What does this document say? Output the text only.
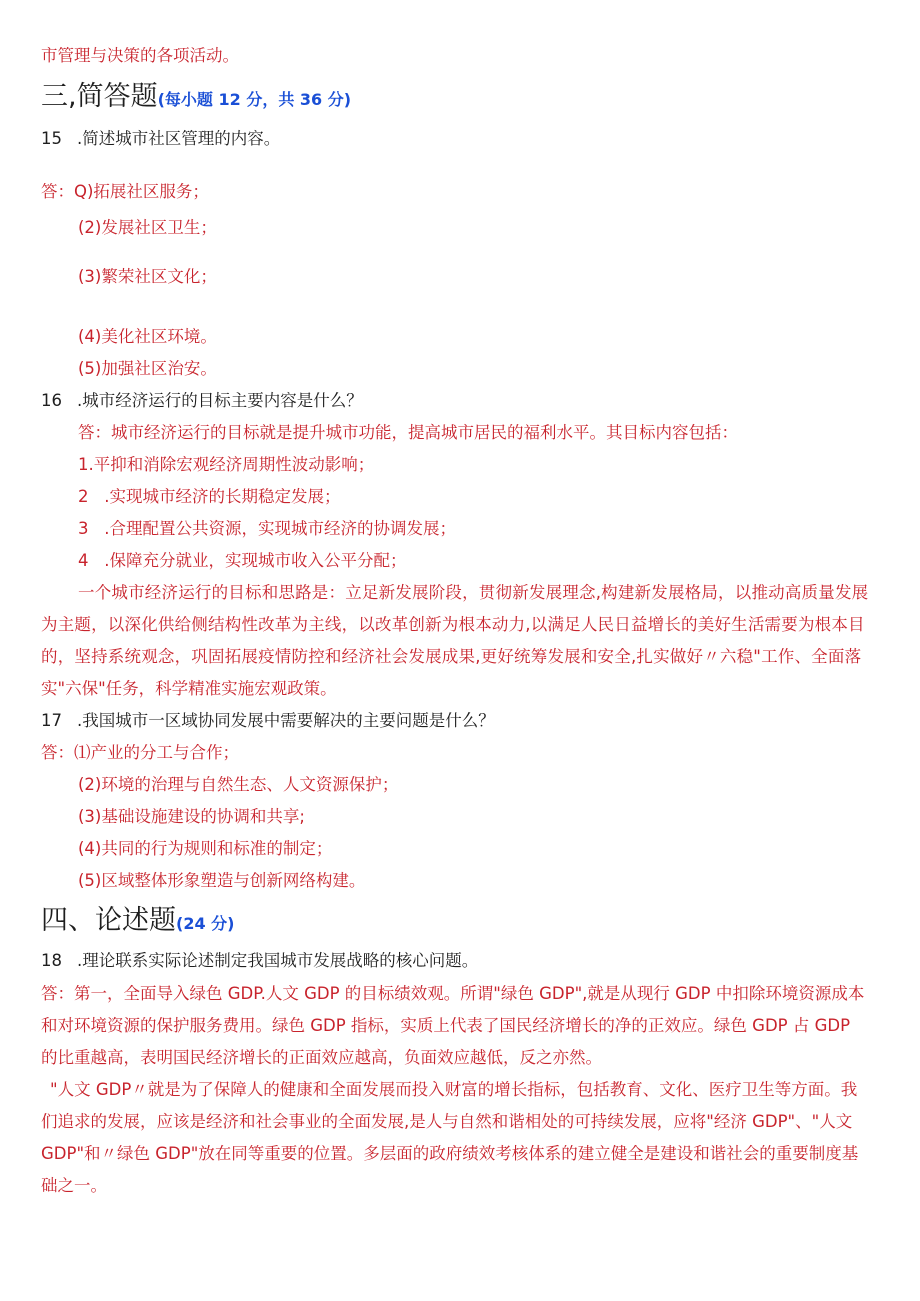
市管理与决策的各项活动。
三,简答题(每小题 12 分，共 36 分)
15 .简述城市社区管理的内容。
答：Q)拓展社区服务；
(2)发展社区卫生；
(3)繁荣社区文化；
(4)美化社区环境。
(5)加强社区治安。
16 .城市经济运行的目标主要内容是什么？
答：城市经济运行的目标就是提升城市功能，提高城市居民的福利水平。其目标内容包括：
1.平抑和消除宏观经济周期性波动影响；
2   .实现城市经济的长期稳定发展；
3   .合理配置公共资源，实现城市经济的协调发展；
4   .保障充分就业，实现城市收入公平分配；
一个城市经济运行的目标和思路是：立足新发展阶段，贯彻新发展理念,构建新发展格局，以推动高质量发展
为主题，以深化供给侧结构性改革为主线，以改革创新为根本动力,以满足人民日益增长的美好生活需要为根本目
的，坚持系统观念，巩固拓展疫情防控和经济社会发展成果,更好统筹发展和安全,扎实做好〃六稳"工作、全面落
实"六保"任务，科学精准实施宏观政策。
17 .我国城市一区域协同发展中需要解决的主要问题是什么？
答：⑴产业的分工与合作；
(2)环境的治理与自然生态、人文资源保护；
(3)基础设施建设的协调和共享;
(4)共同的行为规则和标准的制定；
(5)区域整体形象塑造与创新网络构建。
四、论述题(24 分)
18 .理论联系实际论述制定我国城市发展战略的核心问题。
答：第一，全面导入绿色 GDP.人文 GDP 的目标绩效观。所谓"绿色 GDP",就是从现行 GDP 中扣除环境资源成本
和对环境资源的保护服务费用。绿色 GDP 指标，实质上代表了国民经济增长的净的正效应。绿色 GDP 占 GDP
的比重越高，表明国民经济增长的正面效应越高，负面效应越低，反之亦然。
"人文 GDP〃就是为了保障人的健康和全面发展而投入财富的增长指标，包括教育、文化、医疗卫生等方面。我
们追求的发展，应该是经济和社会事业的全面发展,是人与自然和谐相处的可持续发展，应将"经济 GDP"、"人文
GDP"和〃绿色 GDP"放在同等重要的位置。多层面的政府绩效考核体系的建立健全是建设和谐社会的重要制度基
础之一。
